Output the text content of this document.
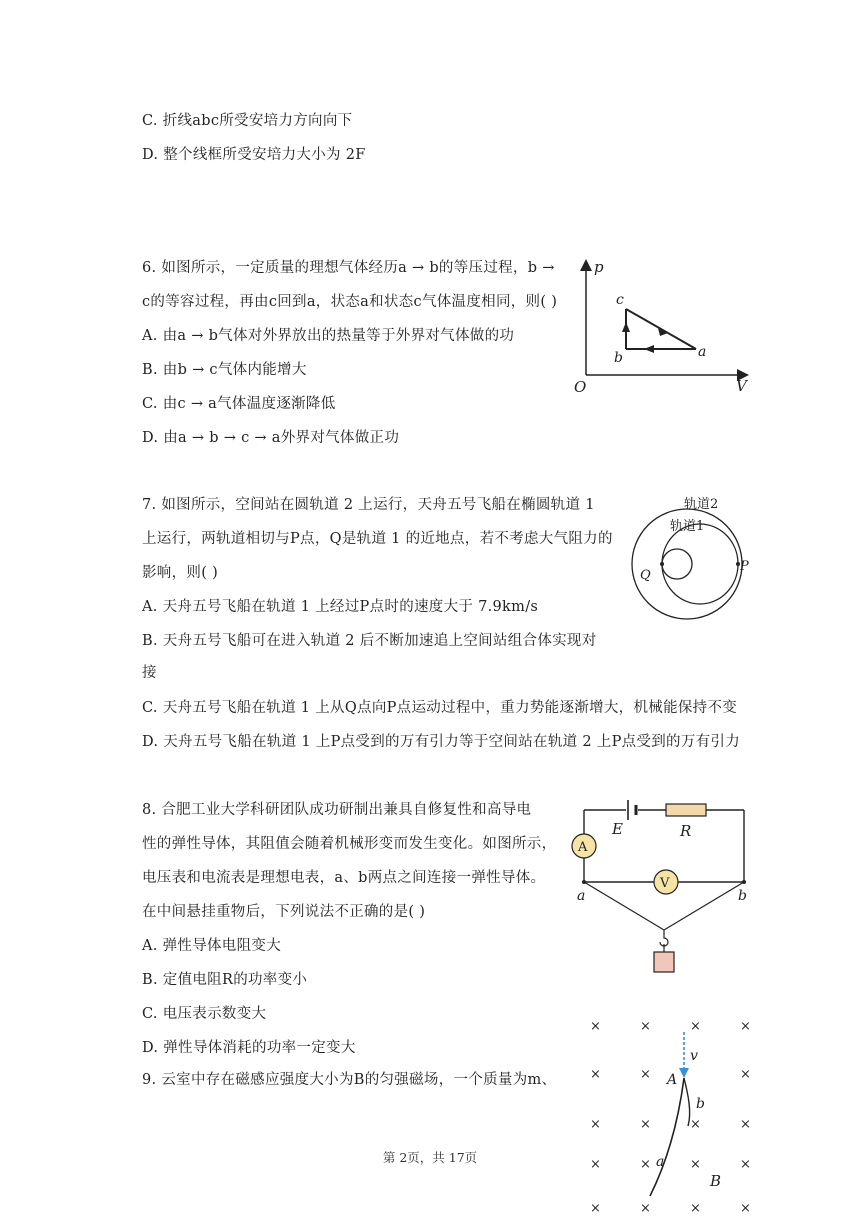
C. 折线abc所受安培力方向向下
D. 整个线框所受安培力大小为 2F
6. 如图所示，一定质量的理想气体经历a → b的等压过程，b →
c的等容过程，再由c回到a，状态a和状态c气体温度相同，则( )
A. 由a → b气体对外界放出的热量等于外界对气体做的功
B. 由b → c气体内能增大
C. 由c → a气体温度逐渐降低
D. 由a → b → c → a外界对气体做正功
p
V
O
c
b	a
7. 如图所示，空间站在圆轨道 2 上运行，天舟五号飞船在椭圆轨道 1
上运行，两轨道相切与P点，Q是轨道 1 的近地点，若不考虑大气阻力的
影响，则( )
A. 天舟五号飞船在轨道 1 上经过P点时的速度大于 7.9km/s
B. 天舟五号飞船可在进入轨道 2 后不断加速追上空间站组合体实现对
接
C. 天舟五号飞船在轨道 1 上从Q点向P点运动过程中，重力势能逐渐增大，机械能保持不变
D. 天舟五号飞船在轨道 1 上P点受到的万有引力等于空间站在轨道 2 上P点受到的万有引力
轨道2
轨道1
Q
P
8. 合肥工业大学科研团队成功研制出兼具自修复性和高导电
性的弹性导体，其阻值会随着机械形变而发生变化。如图所示，
电压表和电流表是理想电表，a、b两点之间连接一弹性导体。
在中间悬挂重物后，下列说法不正确的是( )
A. 弹性导体电阻变大
B. 定值电阻R的功率变小
C. 电压表示数变大
D. 弹性导体消耗的功率一定变大
E	R
A
V
a	b
9. 云室中存在磁感应强度大小为B的匀强磁场，一个质量为m、
×	×	×	×
×	×	×
×	×	×	×
×	×	×	×
×	×	×	×
v
A
b
a
B
第 2页，共 17页
